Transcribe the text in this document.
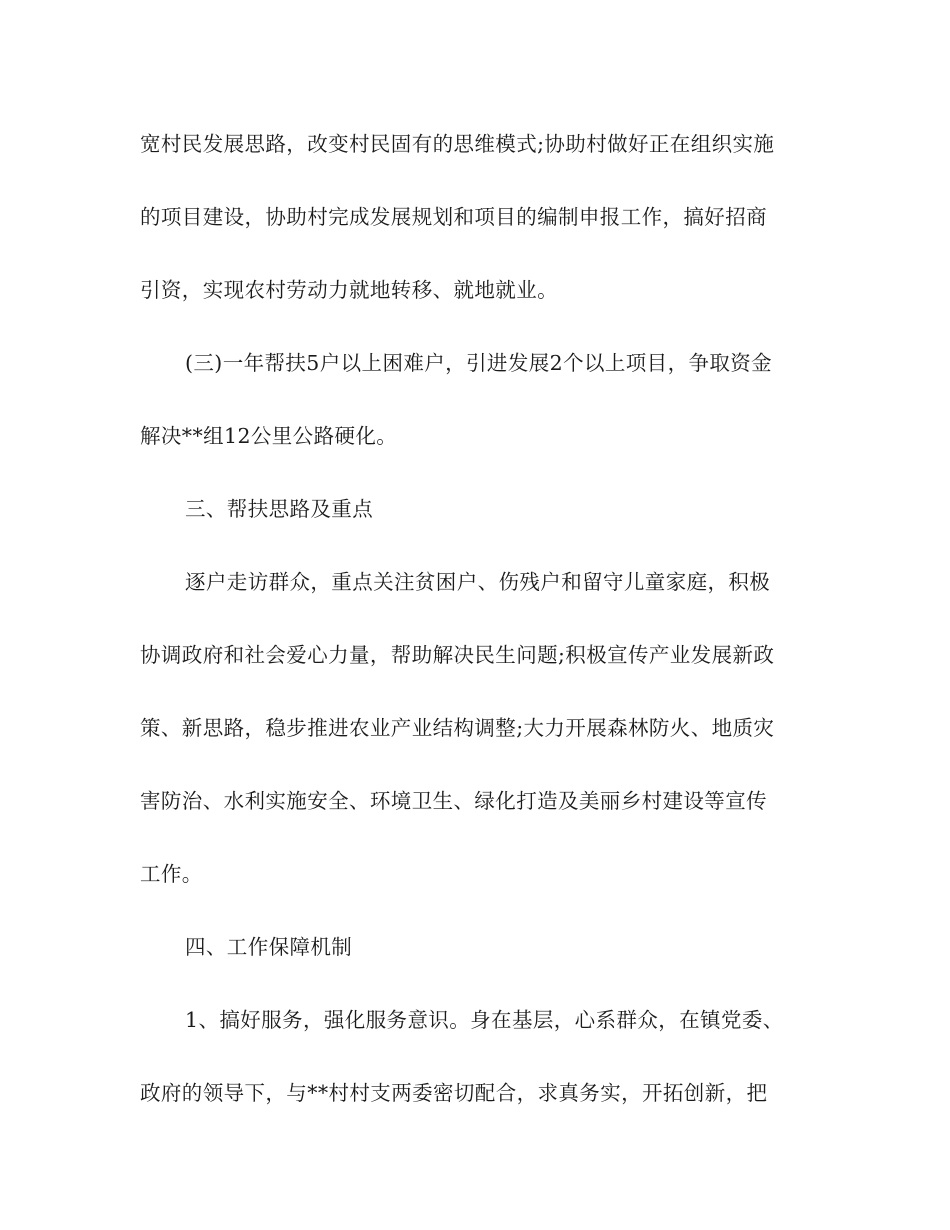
宽村民发展思路，改变村民固有的思维模式;协助村做好正在组织实施
的项目建设，协助村完成发展规划和项目的编制申报工作，搞好招商
引资，实现农村劳动力就地转移、就地就业。
(三)一年帮扶5户以上困难户，引进发展2个以上项目，争取资金
解决**组12公里公路硬化。
三、帮扶思路及重点
逐户走访群众，重点关注贫困户、伤残户和留守儿童家庭，积极
协调政府和社会爱心力量，帮助解决民生问题;积极宣传产业发展新政
策、新思路，稳步推进农业产业结构调整;大力开展森林防火、地质灾
害防治、水利实施安全、环境卫生、绿化打造及美丽乡村建设等宣传
工作。
四、工作保障机制
1、搞好服务，强化服务意识。身在基层，心系群众，在镇党委、
政府的领导下，与**村村支两委密切配合，求真务实，开拓创新，把
